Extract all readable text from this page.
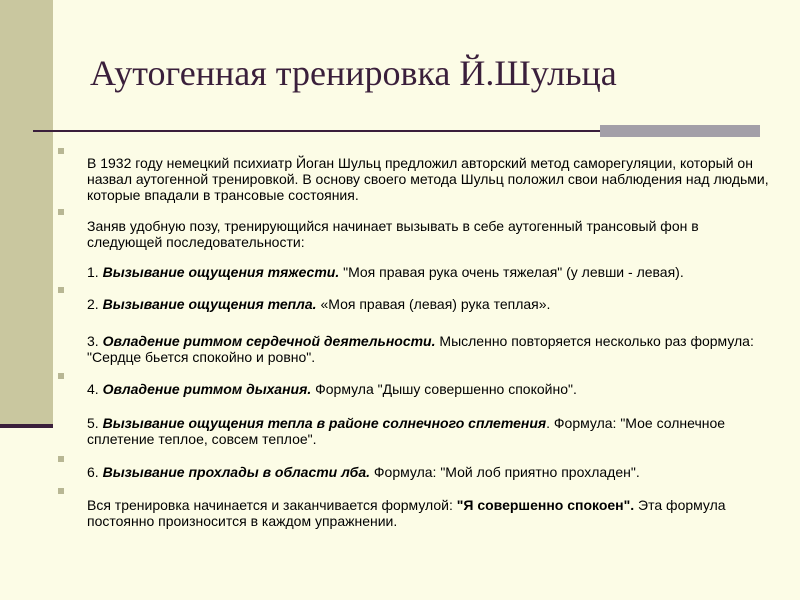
Аутогенная тренировка Й.Шульца
В 1932 году немецкий психиатр Йоган Шульц предложил авторский метод саморегуляции, который он назвал аутогенной тренировкой. В основу своего метода Шульц положил свои наблюдения над людьми, которые впадали в трансовые состояния.
Заняв удобную позу, тренирующийся начинает вызывать в себе аутогенный трансовый фон в следующей последовательности:
1. Вызывание ощущения тяжести. "Моя правая рука очень тяжелая" (у левши - левая).
2. Вызывание ощущения тепла. «Моя правая (левая) рука теплая».
3. Овладение ритмом сердечной деятельности. Мысленно повторяется несколько раз формула: "Сердце бьется спокойно и ровно".
4. Овладение ритмом дыхания. Формула "Дышу совершенно спокойно".
5. Вызывание ощущения тепла в районе солнечного сплетения. Формула: "Мое солнечное сплетение теплое, совсем теплое".
6. Вызывание прохлады в области лба. Формула: "Мой лоб приятно прохладен".
Вся тренировка начинается и заканчивается формулой: "Я совершенно спокоен". Эта формула постоянно произносится в каждом упражнении.
